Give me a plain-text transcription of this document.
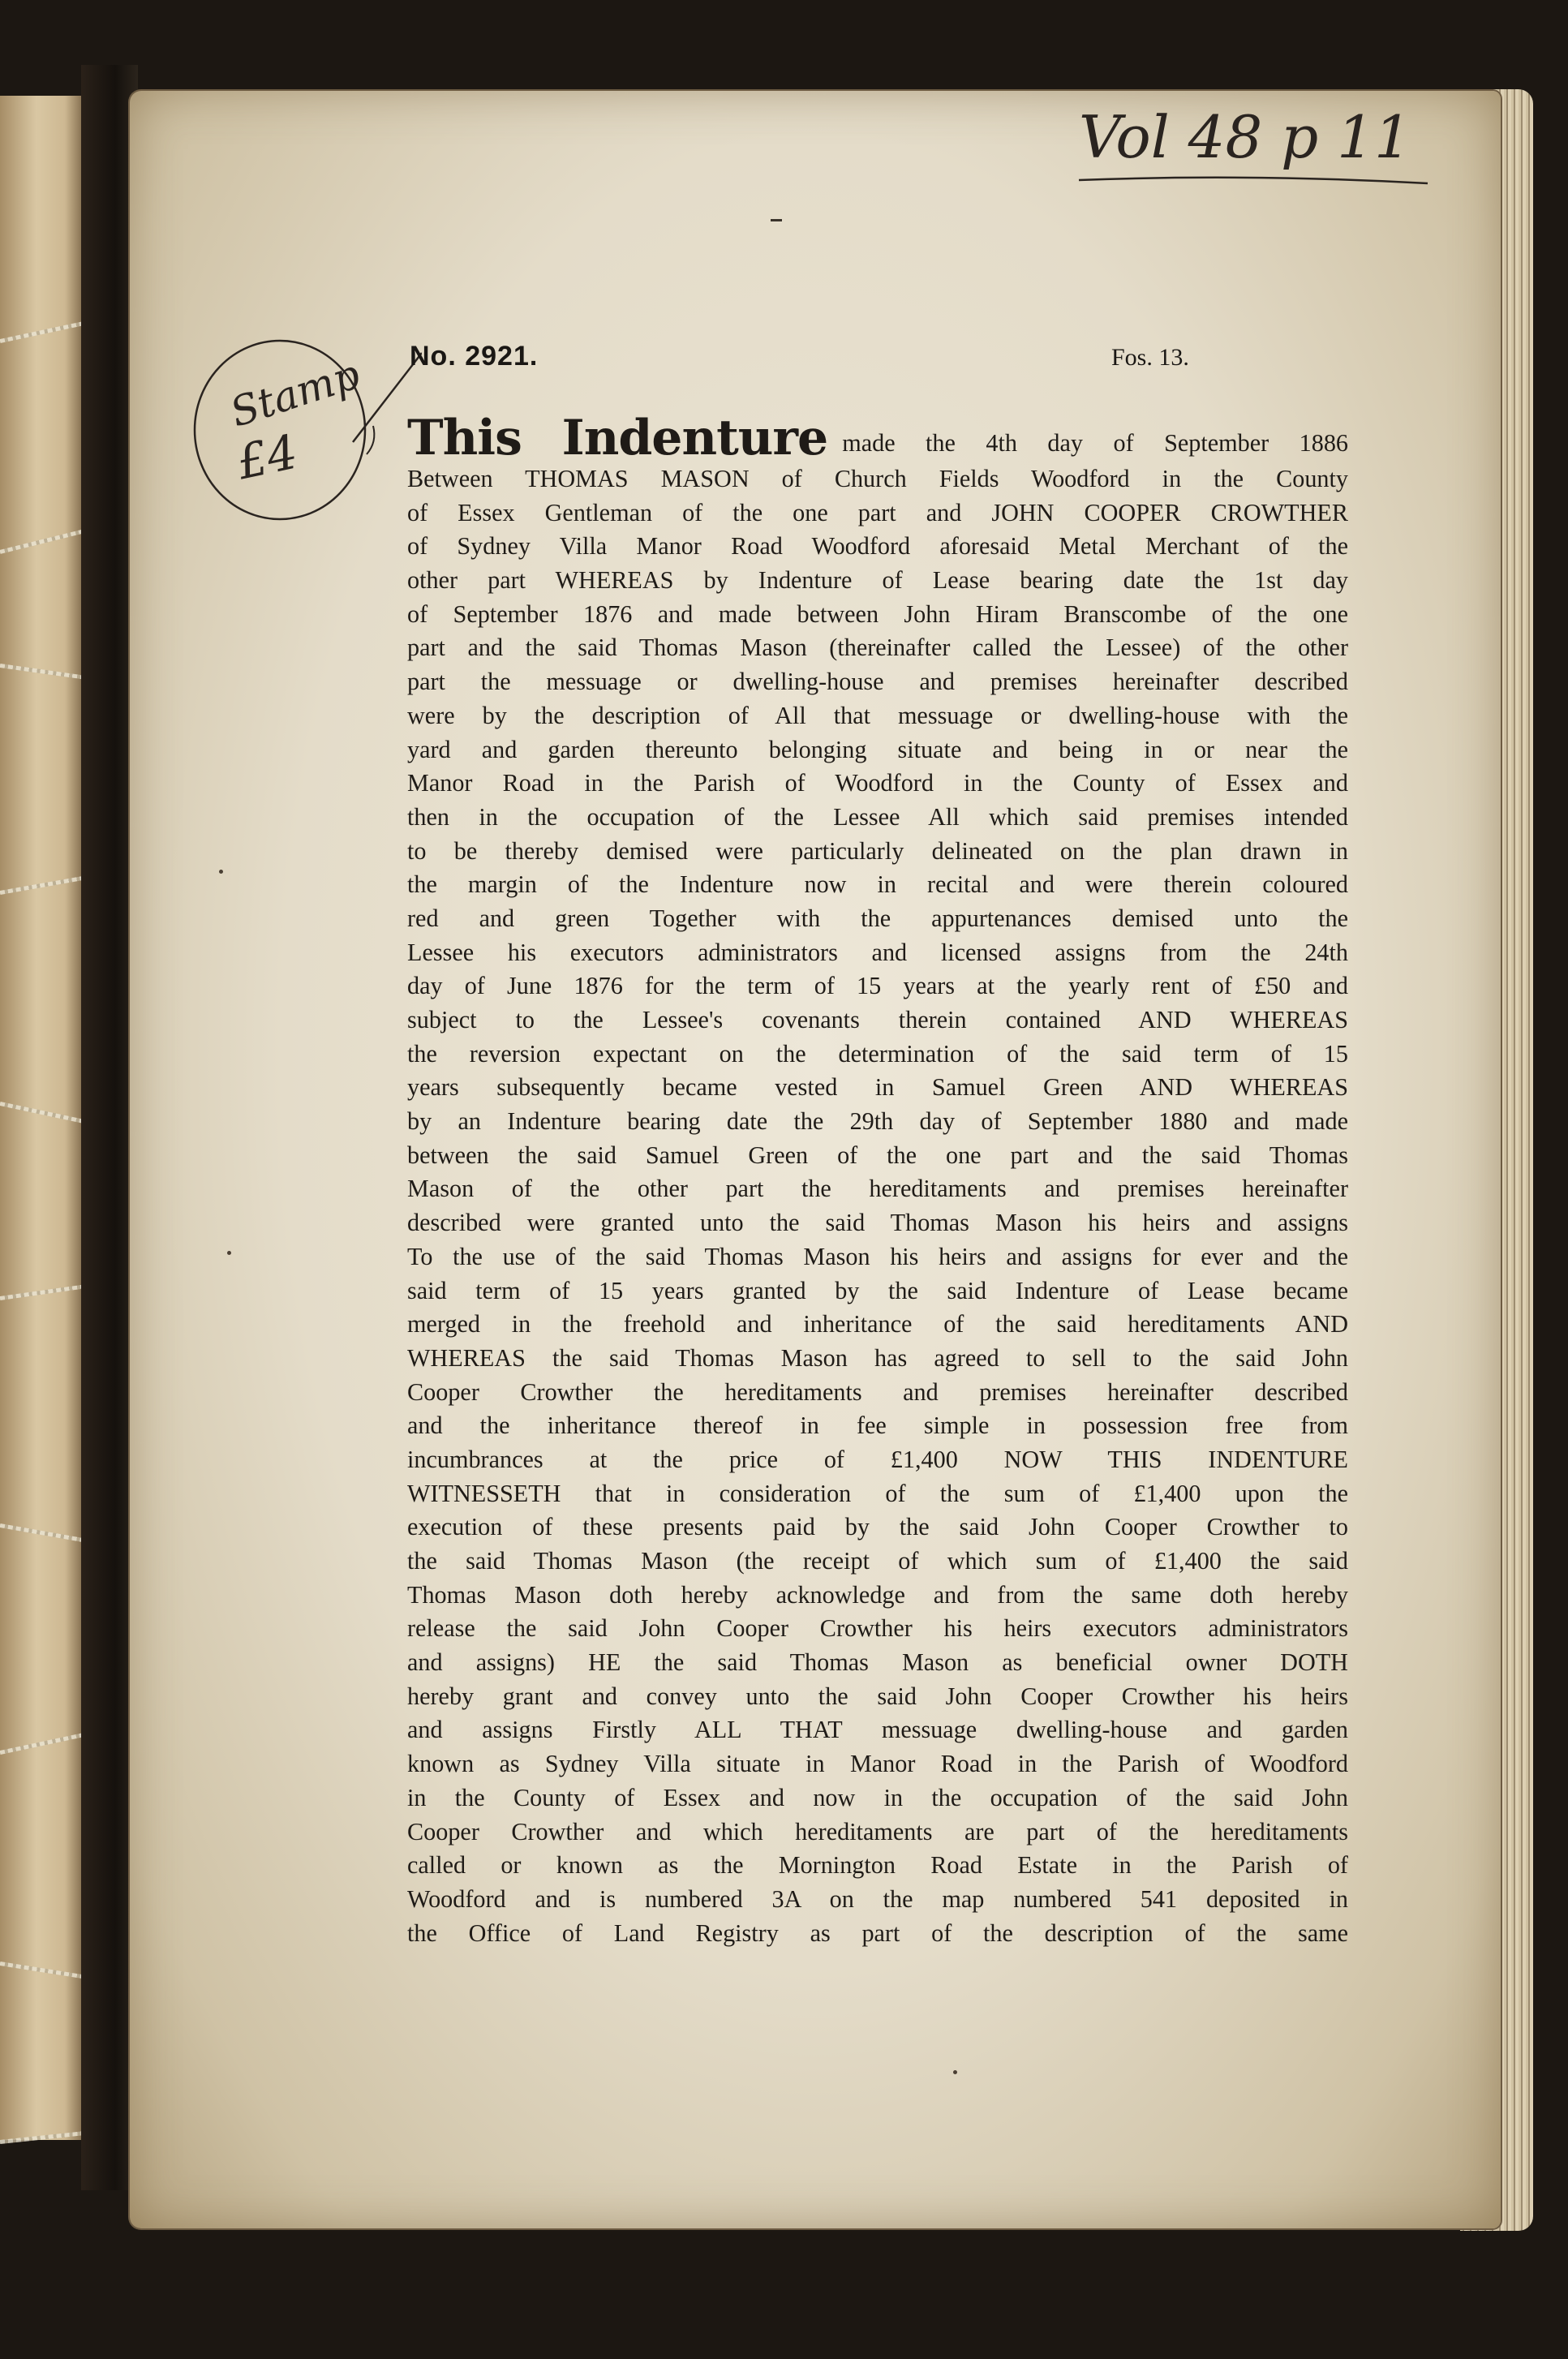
Vol 48 p 11
Stamp
£4
No. 2921.	Fos. 13.
This Indenture made the 4th day of September 1886
Between THOMAS MASON of Church Fields Woodford in the County
of Essex Gentleman of the one part and JOHN COOPER CROWTHER
of Sydney Villa Manor Road Woodford aforesaid Metal Merchant of the
other part WHEREAS by Indenture of Lease bearing date the 1st day
of September 1876 and made between John Hiram Branscombe of the one
part and the said Thomas Mason (thereinafter called the Lessee) of the other
part the messuage or dwelling-house and premises hereinafter described
were by the description of All that messuage or dwelling-house with the
yard and garden thereunto belonging situate and being in or near the
Manor Road in the Parish of Woodford in the County of Essex and
then in the occupation of the Lessee All which said premises intended
to be thereby demised were particularly delineated on the plan drawn in
the margin of the Indenture now in recital and were therein coloured
red and green Together with the appurtenances demised unto the
Lessee his executors administrators and licensed assigns from the 24th
day of June 1876 for the term of 15 years at the yearly rent of £50 and
subject to the Lessee's covenants therein contained AND WHEREAS
the reversion expectant on the determination of the said term of 15
years subsequently became vested in Samuel Green AND WHEREAS
by an Indenture bearing date the 29th day of September 1880 and made
between the said Samuel Green of the one part and the said Thomas
Mason of the other part the hereditaments and premises hereinafter
described were granted unto the said Thomas Mason his heirs and assigns
To the use of the said Thomas Mason his heirs and assigns for ever and the
said term of 15 years granted by the said Indenture of Lease became
merged in the freehold and inheritance of the said hereditaments AND
WHEREAS the said Thomas Mason has agreed to sell to the said John
Cooper Crowther the hereditaments and premises hereinafter described
and the inheritance thereof in fee simple in possession free from
incumbrances at the price of £1,400 NOW THIS INDENTURE
WITNESSETH that in consideration of the sum of £1,400 upon the
execution of these presents paid by the said John Cooper Crowther to
the said Thomas Mason (the receipt of which sum of £1,400 the said
Thomas Mason doth hereby acknowledge and from the same doth hereby
release the said John Cooper Crowther his heirs executors administrators
and assigns) HE the said Thomas Mason as beneficial owner DOTH
hereby grant and convey unto the said John Cooper Crowther his heirs
and assigns Firstly ALL THAT messuage dwelling-house and garden
known as Sydney Villa situate in Manor Road in the Parish of Woodford
in the County of Essex and now in the occupation of the said John
Cooper Crowther and which hereditaments are part of the hereditaments
called or known as the Mornington Road Estate in the Parish of
Woodford and is numbered 3A on the map numbered 541 deposited in
the Office of Land Registry as part of the description of the same
